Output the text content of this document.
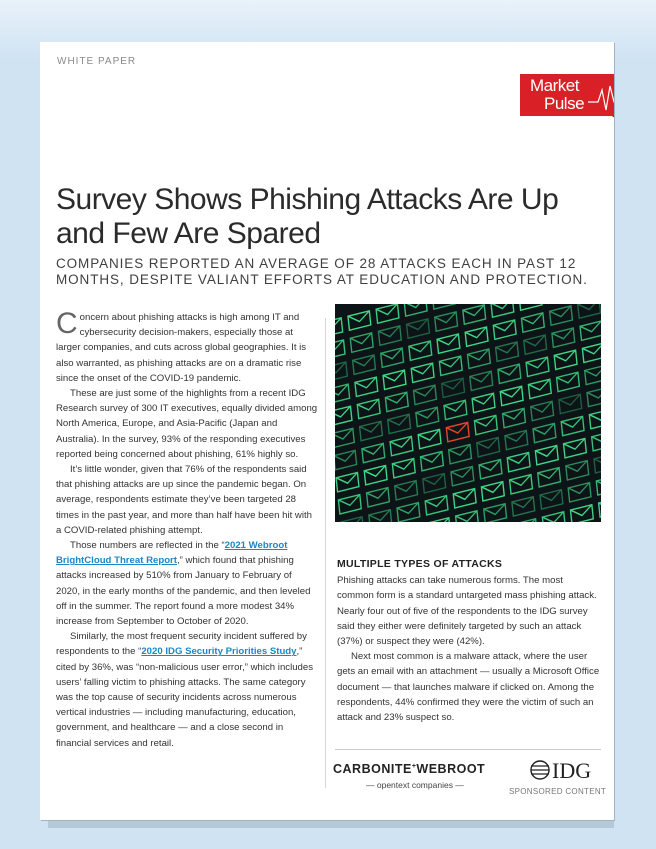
WHITE PAPER
Market
Pulse
Survey Shows Phishing Attacks Are Up and Few Are Spared

COMPANIES REPORTED AN AVERAGE OF 28 ATTACKS EACH IN PAST 12 MONTHS, DESPITE VALIANT EFFORTS AT EDUCATION AND PROTECTION.

Concern about phishing attacks is high among IT and cybersecurity decision-makers, especially those at larger companies, and cuts across global geographies. It is also warranted, as phishing attacks are on a dramatic rise since the onset of the COVID-19 pandemic.

These are just some of the highlights from a recent IDG Research survey of 300 IT executives, equally divided among North America, Europe, and Asia-Pacific (Japan and Australia). In the survey, 93% of the responding executives reported being concerned about phishing, 61% highly so.

It’s little wonder, given that 76% of the respondents said that phishing attacks are up since the pandemic began. On average, respondents estimate they’ve been targeted 28 times in the past year, and more than half have been hit with a COVID-related phishing attempt.

Those numbers are reflected in the “2021 Webroot BrightCloud Threat Report,” which found that phishing attacks increased by 510% from January to February of 2020, in the early months of the pandemic, and then leveled off in the summer. The report found a more modest 34% increase from September to October of 2020.

Similarly, the most frequent security incident suffered by respondents to the “2020 IDG Security Priorities Study,” cited by 36%, was “non-malicious user error,” which includes users’ falling victim to phishing attacks. The same category was the top cause of security incidents across numerous vertical industries — including manufacturing, education, government, and healthcare — and a close second in financial services and retail.

MULTIPLE TYPES OF ATTACKS

Phishing attacks can take numerous forms. The most common form is a standard untargeted mass phishing attack. Nearly four out of five of the respondents to the IDG survey said they either were definitely targeted by such an attack (37%) or suspect they were (42%).

Next most common is a malware attack, where the user gets an email with an attachment — usually a Microsoft Office document — that launches malware if clicked on. Among the respondents, 44% confirmed they were the victim of such an attack and 23% suspect so.

CARBONITE+WEBROOT
— opentext companies —
IDG
SPONSORED CONTENT
